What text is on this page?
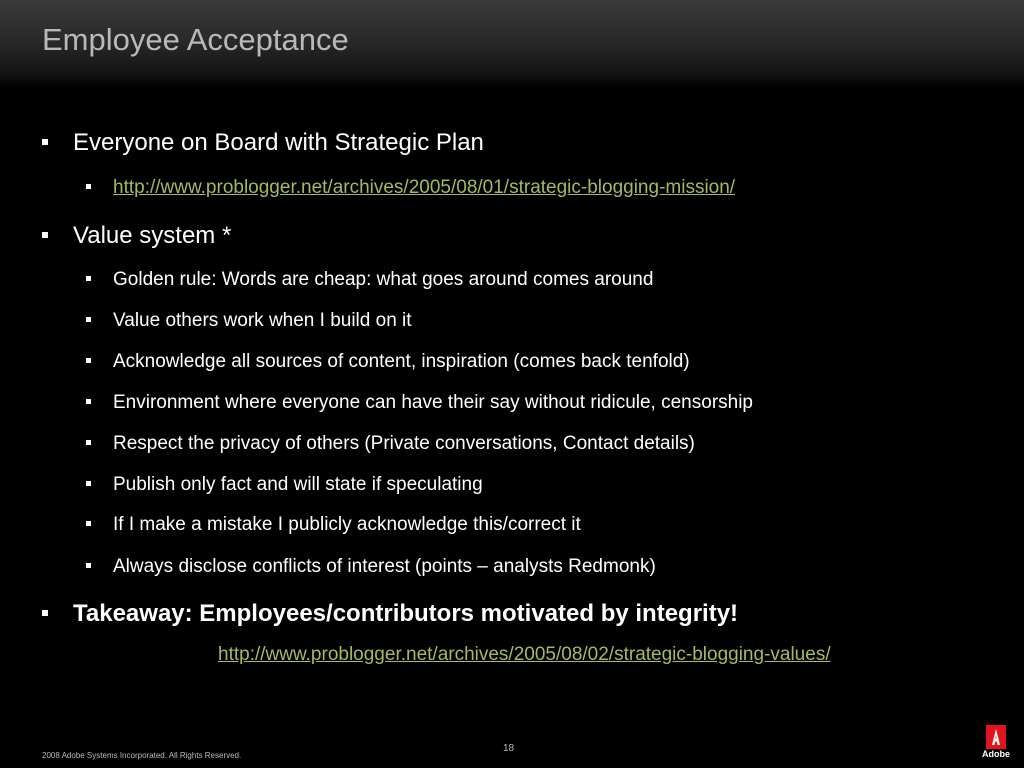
Employee Acceptance
Everyone on Board with Strategic Plan
http://www.problogger.net/archives/2005/08/01/strategic-blogging-mission/
Value system *
Golden rule: Words are cheap: what goes around comes around
Value others work when I build on it
Acknowledge all sources of content, inspiration (comes back tenfold)
Environment where everyone can have their say without ridicule, censorship
Respect the privacy of others (Private conversations, Contact details)
Publish only fact and will state if speculating
If I make a mistake I publicly acknowledge this/correct it
Always disclose conflicts of interest (points – analysts Redmonk)
Takeaway: Employees/contributors motivated by integrity!
http://www.problogger.net/archives/2005/08/02/strategic-blogging-values/
18
2008 Adobe Systems Incorporated. All Rights Reserved.	Adobe
